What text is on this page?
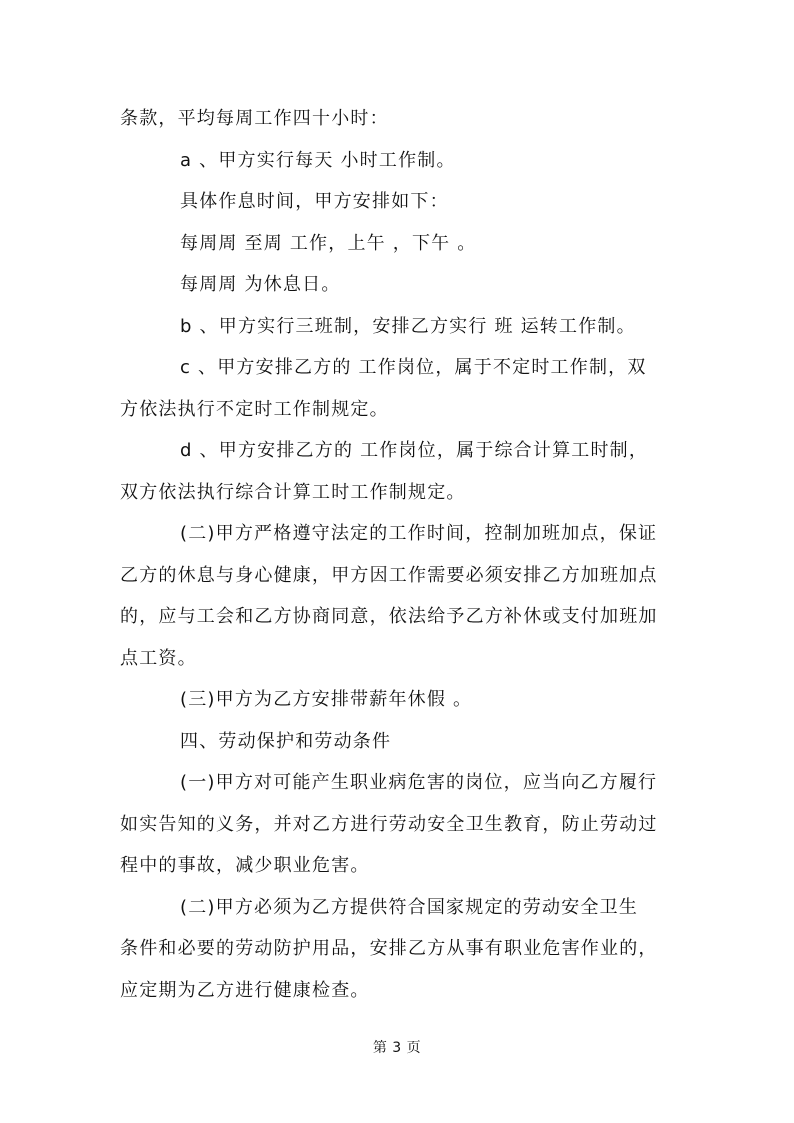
条款，平均每周工作四十小时：

a 、甲方实行每天 小时工作制。

具体作息时间，甲方安排如下：

每周周 至周 工作，上午 ，下午 。

每周周 为休息日。

b 、甲方实行三班制，安排乙方实行 班 运转工作制。

c 、甲方安排乙方的 工作岗位，属于不定时工作制，双

方依法执行不定时工作制规定。

d 、甲方安排乙方的 工作岗位，属于综合计算工时制，

双方依法执行综合计算工时工作制规定。

(二)甲方严格遵守法定的工作时间，控制加班加点，保证

乙方的休息与身心健康，甲方因工作需要必须安排乙方加班加点

的，应与工会和乙方协商同意，依法给予乙方补休或支付加班加

点工资。

(三)甲方为乙方安排带薪年休假 。

四、劳动保护和劳动条件

(一)甲方对可能产生职业病危害的岗位，应当向乙方履行

如实告知的义务，并对乙方进行劳动安全卫生教育，防止劳动过

程中的事故，减少职业危害。

(二)甲方必须为乙方提供符合国家规定的劳动安全卫生

条件和必要的劳动防护用品，安排乙方从事有职业危害作业的，

应定期为乙方进行健康检查。

第 3 页
